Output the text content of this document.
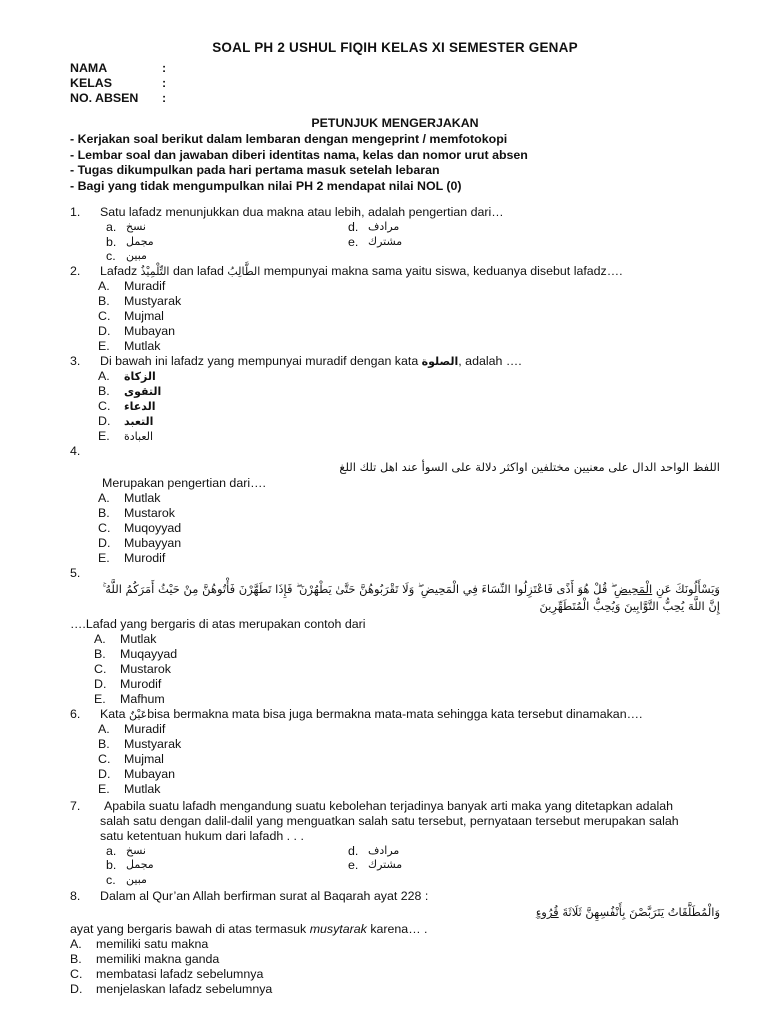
SOAL PH 2 USHUL FIQIH KELAS XI SEMESTER GENAP
NAMA	:
KELAS	:
NO. ABSEN	:
PETUNJUK MENGERJAKAN
- Kerjakan soal berikut dalam lembaran dengan mengeprint / memfotokopi
- Lembar soal dan jawaban diberi identitas nama, kelas dan nomor urut absen
- Tugas dikumpulkan pada hari pertama masuk setelah lebaran
- Bagi yang tidak mengumpulkan nilai PH 2 mendapat nilai NOL (0)
1.	Satu lafadz menunjukkan dua makna atau lebih, adalah pengertian dari…
a. نسخ	d. مرادف
b. مجمل	e. مشترك
c. مبين
2.	Lafadz التِّلْمِيْذُ dan lafad الطَّالِبُ mempunyai makna sama yaitu siswa, keduanya disebut lafadz….
A.	Muradif
B.	Mustyarak
C.	Mujmal
D.	Mubayan
E.	Mutlak
3.	Di bawah ini lafadz yang mempunyai muradif dengan kata الصلوة, adalah ….
A.	الزكاة
B.	التقوى
C.	الدعاء
D.	التعبد
E.	العبادة
4.
اللفظ الواحد الدال على معنيين مختلفين اواكثر دلالة على السوأ عند اهل تلك اللغ
Merupakan pengertian dari….
A.	Mutlak
B.	Mustarok
C.	Muqoyyad
D.	Mubayyan
E.	Murodif
5.
وَيَسْأَلُونَكَ عَنِ الْمَحِيضِ ۖ قُلْ هُوَ أَذًى فَاعْتَزِلُوا النِّسَاءَ فِي الْمَحِيضِ ۖ وَلَا تَقْرَبُوهُنَّ حَتَّىٰ يَطْهُرْنَ ۖ فَإِذَا تَطَهَّرْنَ فَأْتُوهُنَّ مِنْ حَيْثُ أَمَرَكُمُ اللَّهُ ۚ إِنَّ اللَّهَ يُحِبُّ التَّوَّابِينَ وَيُحِبُّ الْمُتَطَهِّرِينَ
….Lafad yang bergaris di atas merupakan contoh dari
A.	Mutlak
B.	Muqayyad
C.	Mustarok
D.	Murodif
E.	Mafhum
6.	Kata عَيْنٌbisa bermakna mata bisa juga bermakna mata-mata sehingga kata tersebut dinamakan….
A.	Muradif
B.	Mustyarak
C.	Mujmal
D.	Mubayan
E.	Mutlak
7.	Apabila suatu lafadh mengandung suatu kebolehan terjadinya banyak arti maka yang ditetapkan adalah
salah satu dengan dalil-dalil yang menguatkan salah satu tersebut, pernyataan tersebut merupakan salah
satu ketentuan hukum dari lafadh . . .
a. نسخ	d. مرادف
b. مجمل	e. مشترك
c. مبين
8.	Dalam al Qur’an Allah berfirman surat al Baqarah ayat 228 :
وَالْمُطَلَّقَاتُ يَتَرَبَّصْنَ بِأَنْفُسِهِنَّ ثَلَاثَةَ قُرُوءٍ
ayat yang bergaris bawah di atas termasuk musytarak karena… .
A.	memiliki satu makna
B.	memiliki makna ganda
C.	membatasi lafadz sebelumnya
D.	menjelaskan lafadz sebelumnya
